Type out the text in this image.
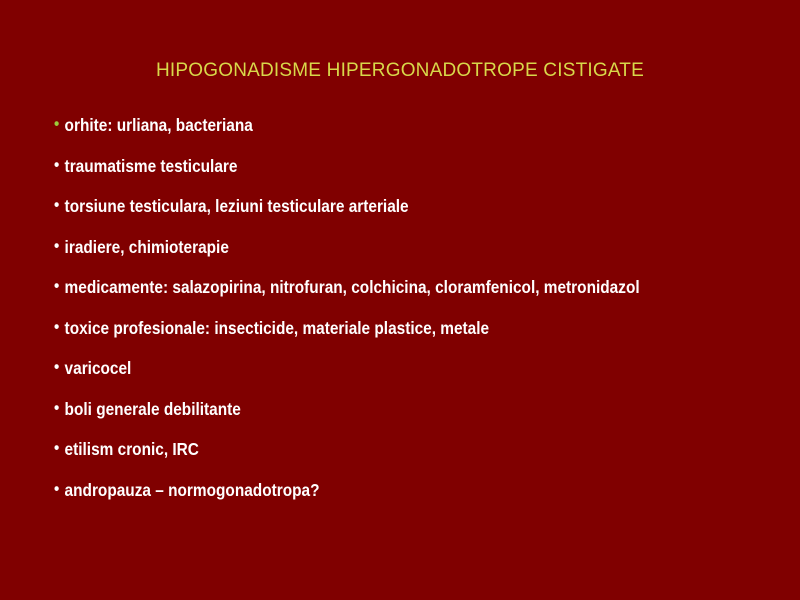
HIPOGONADISME HIPERGONADOTROPE CISTIGATE
• orhite: urliana, bacteriana
• traumatisme testiculare
• torsiune testiculara, leziuni testiculare arteriale
• iradiere, chimioterapie
• medicamente: salazopirina, nitrofuran, colchicina, cloramfenicol, metronidazol
• toxice profesionale: insecticide, materiale plastice, metale
• varicocel
• boli generale debilitante
• etilism cronic, IRC
• andropauza – normogonadotropa?
